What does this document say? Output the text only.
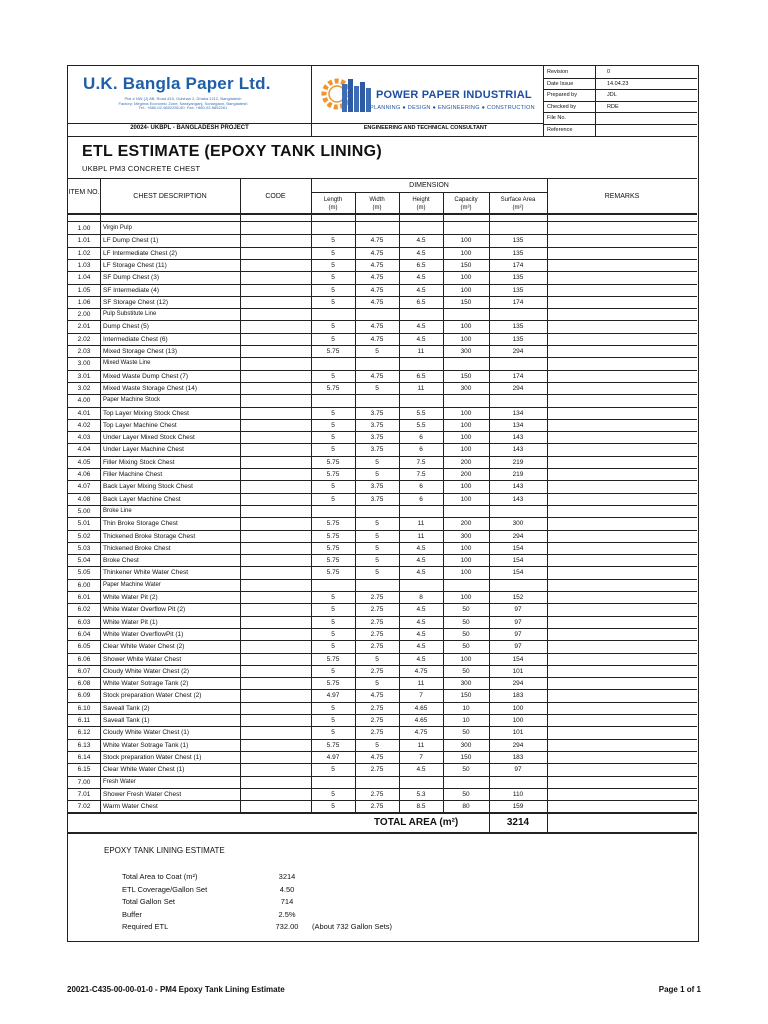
U.K. Bangla Paper Ltd.
Plot # NW (J) 8B, Road #15, Gulshan 2, Dhaka 1212, Bangladesh
Factory: Meghna Economic Zone, Narayanganj, Sonargaon, Bangladesh
Tel.: +880-02-9852255-60, Fax: +880-02-9852261
20024- UKBPL - BANGLADESH PROJECT
POWER PAPER INDUSTRIAL
PLANNING ● DESIGN ● ENGINEERING ● CONSTRUCTION
ENGINEERING AND TECHNICAL CONSULTANT
Revision	0
Date Issue	14.04.23
Prepared by	JDL
Checked by	RDE
File No.
Reference
ETL ESTIMATE (EPOXY TANK LINING)
UKBPL PM3 CONCRETE CHEST
ITEM NO.
CHEST DESCRIPTION	CODE
DIMENSION
Length
(m)
Width
(m)
Height
(m)
Capacity
(m³)
Surface Area
(m²)
REMARKS
1.00	Virgin Pulp
1.01	LF Dump Chest (1)	5	4.75	4.5	100	135
1.02	LF Intermediate Chest (2)	5	4.75	4.5	100	135
1.03	LF Storage Chest (11)	5	4.75	6.5	150	174
1.04	SF Dump Chest (3)	5	4.75	4.5	100	135
1.05	SF Intermediate (4)	5	4.75	4.5	100	135
1.06	SF Storage Chest (12)	5	4.75	6.5	150	174
2.00	Pulp Substitute Line
2.01	Dump Chest (5)	5	4.75	4.5	100	135
2.02	Intermediate Chest (6)	5	4.75	4.5	100	135
2.03	Mixed Storage Chest (13)	5.75	5	11	300	294
3.00	Mixed Waste Line
3.01	Mixed Waste Dump Chest (7)	5	4.75	6.5	150	174
3.02	Mixed Waste Storage Chest (14)	5.75	5	11	300	294
4.00	Paper Machine Stock
4.01	Top Layer Mixing Stock Chest	5	3.75	5.5	100	134
4.02	Top Layer Machine Chest	5	3.75	5.5	100	134
4.03	Under Layer Mixed Stock Chest	5	3.75	6	100	143
4.04	Under Layer Machine Chest	5	3.75	6	100	143
4.05	Filler Mixing Stock Chest	5.75	5	7.5	200	219
4.06	Filler Machine Chest	5.75	5	7.5	200	219
4.07	Back Layer Mixing Stock Chest	5	3.75	6	100	143
4.08	Back Layer Machine Chest	5	3.75	6	100	143
5.00	Broke Line
5.01	Thin Broke Storage Chest	5.75	5	11	200	300
5.02	Thickened Broke Storage Chest	5.75	5	11	300	294
5.03	Thickened Broke Chest	5.75	5	4.5	100	154
5.04	Broke Chest	5.75	5	4.5	100	154
5.05	Thinkener White Water Chest	5.75	5	4.5	100	154
6.00	Paper Machine Water
6.01	White Water Pit (2)	5	2.75	8	100	152
6.02	White Water Overflow Pit (2)	5	2.75	4.5	50	97
6.03	White Water Pit (1)	5	2.75	4.5	50	97
6.04	White Water OverflowPit (1)	5	2.75	4.5	50	97
6.05	Clear White Water Chest (2)	5	2.75	4.5	50	97
6.06	Shower White Water Chest	5.75	5	4.5	100	154
6.07	Cloudy White Water Chest (2)	5	2.75	4.75	50	101
6.08	White Water Sotrage Tank (2)	5.75	5	11	300	294
6.09	Stock preparation Water Chest (2)	4.97	4.75	7	150	183
6.10	Saveall Tank (2)	5	2.75	4.65	10	100
6.11	Saveall Tank (1)	5	2.75	4.65	10	100
6.12	Cloudy White Water Chest (1)	5	2.75	4.75	50	101
6.13	White Water Sotrage Tank (1)	5.75	5	11	300	294
6.14	Stock preparation Water Chest (1)	4.97	4.75	7	150	183
6.15	Clear White Water Chest (1)	5	2.75	4.5	50	97
7.00	Fresh Water
7.01	Shower Fresh Water Chest	5	2.75	5.3	50	110
7.02	Warm Water Chest	5	2.75	8.5	80	159
TOTAL AREA (m²)	3214
EPOXY TANK LINING ESTIMATE
Total Area to Coat (m²)	3214
ETL Coverage/Gallon Set	4.50
Total Gallon Set	714
Buffer	2.5%
Required ETL	732.00	(About 732 Gallon Sets)
20021-C435-00-00-01-0 - PM4 Epoxy Tank Lining Estimate	Page 1 of 1
